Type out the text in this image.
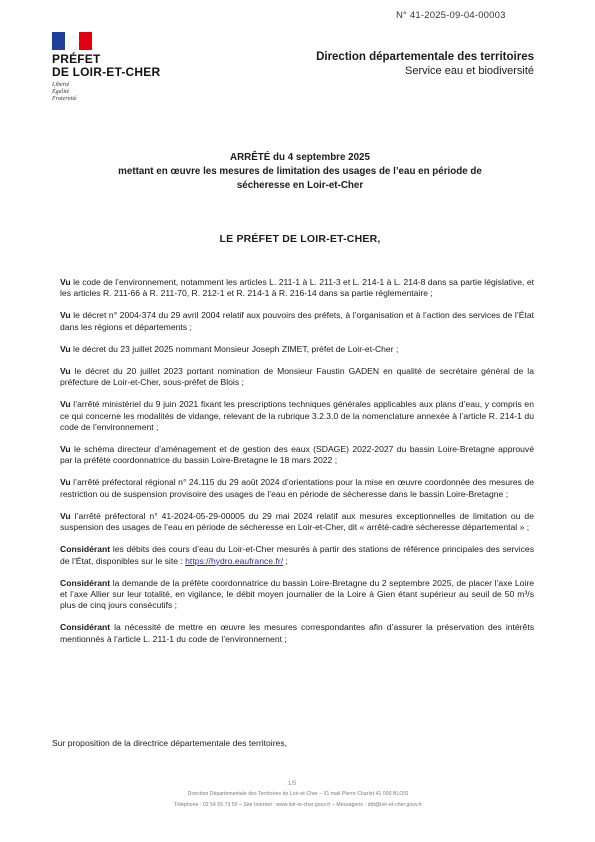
N° 41-2025-09-04-00003
PRÉFET
DE LOIR-ET-CHER
Liberté
Égalité
Fraternité
Direction départementale des territoires
Service eau et biodiversité
ARRÊTÉ du 4 septembre 2025
mettant en œuvre les mesures de limitation des usages de l’eau en période de
sécheresse en Loir-et-Cher
LE PRÉFET DE LOIR-ET-CHER,

Vu le code de l’environnement, notamment les articles L. 211-1 à L. 211-3 et L. 214-1 à L. 214-8 dans sa partie législative, et les articles R. 211-66 à R. 211-70, R. 212-1 et R. 214-1 à R. 216-14 dans sa partie réglementaire ;

Vu le décret n° 2004-374 du 29 avril 2004 relatif aux pouvoirs des préfets, à l’organisation et à l’action des services de l’État dans les régions et départements ;

Vu le décret du 23 juillet 2025 nommant Monsieur Joseph ZIMET, préfet de Loir-et-Cher ;

Vu le décret du 20 juillet 2023 portant nomination de Monsieur Faustin GADEN en qualité de secrétaire général de la préfecture de Loir-et-Cher, sous-préfet de Blois ;

Vu l’arrêté ministériel du 9 juin 2021 fixant les prescriptions techniques générales applicables aux plans d’eau, y compris en ce qui concerne les modalités de vidange, relevant de la rubrique 3.2.3.0 de la nomenclature annexée à l’article R. 214-1 du code de l’environnement ;

Vu le schéma directeur d’aménagement et de gestion des eaux (SDAGE) 2022-2027 du bassin Loire-Bretagne approuvé par la préfète coordonnatrice du bassin Loire-Bretagne le 18 mars 2022 ;

Vu l’arrêté préfectoral régional n° 24.115 du 29 août 2024 d’orientations pour la mise en œuvre coordonnée des mesures de restriction ou de suspension provisoire des usages de l’eau en période de sécheresse dans le bassin Loire-Bretagne ;

Vu l’arrêté préfectoral n° 41-2024-05-29-00005 du 29 mai 2024 relatif aux mesures exceptionnelles de limitation ou de suspension des usages de l’eau en période de sécheresse en Loir-et-Cher, dit « arrêté-cadre sécheresse départemental » ;

Considérant les débits des cours d’eau du Loir-et-Cher mesurés à partir des stations de référence principales des services de l’État, disponibles sur le site : https://hydro.eaufrance.fr/ ;

Considérant la demande de la préfète coordonnatrice du bassin Loire-Bretagne du 2 septembre 2025, de placer l’axe Loire et l’axe Allier sur leur totalité, en vigilance, le débit moyen journalier de la Loire à Gien étant supérieur au seuil de 50 m³/s plus de cinq jours consécutifs ;

Considérant la nécessité de mettre en œuvre les mesures correspondantes afin d’assurer la préservation des intérêts mentionnés à l’article L. 211-1 du code de l’environnement ;

Sur proposition de la directrice départementale des territoires,
1/5
Direction Départementale des Territoires de Loir-et-Cher – 31 mail Pierre Charlot 41 000 BLOIS
Téléphone : 02 54 55 73 50 – Site Internet : www.loir-et-cher.gouv.fr – Messagerie : ddt@loir-et-cher.gouv.fr
